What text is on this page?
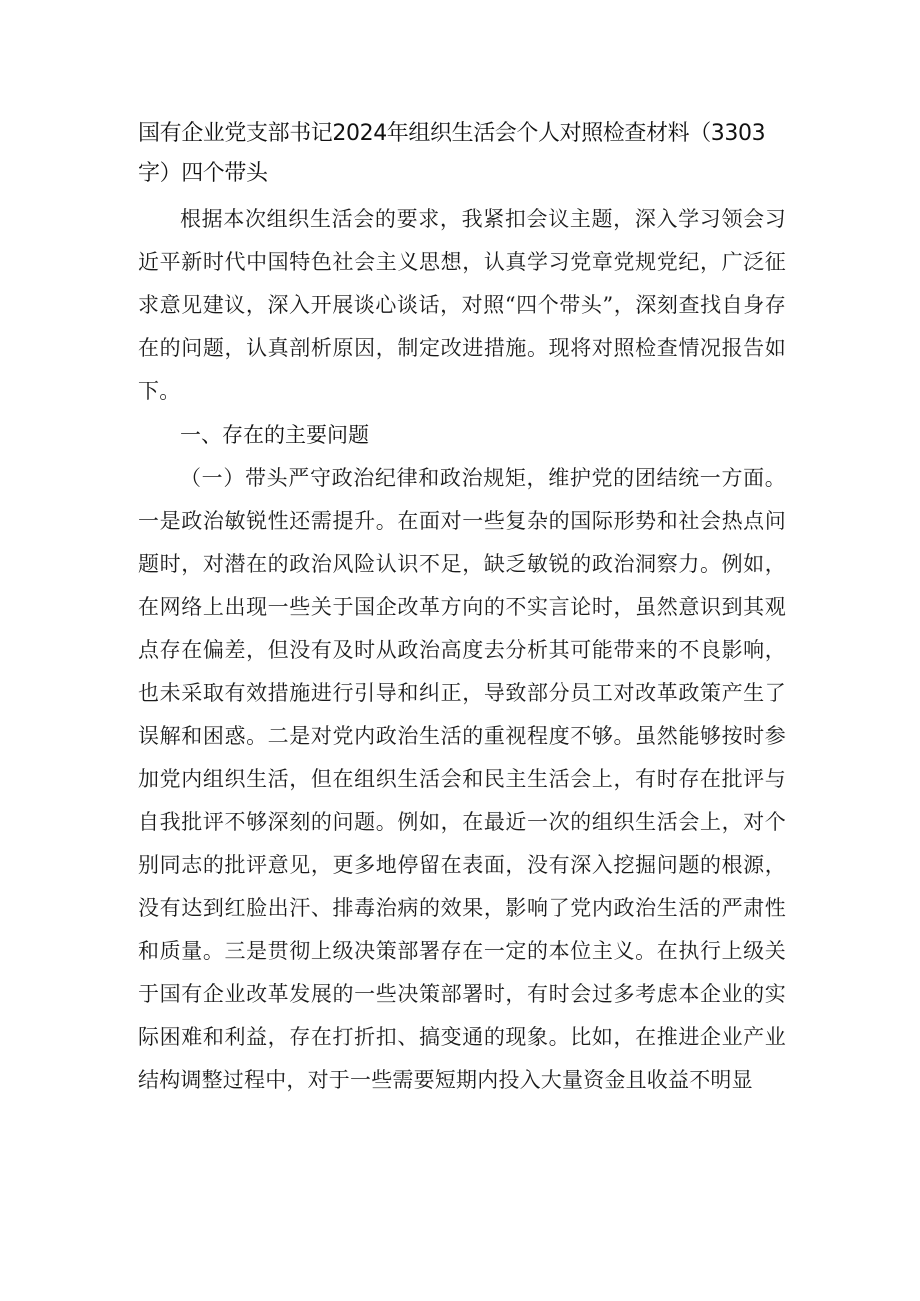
国有企业党支部书记2024年组织生活会个人对照检查材料（3303字）四个带头

根据本次组织生活会的要求，我紧扣会议主题，深入学习领会习近平新时代中国特色社会主义思想，认真学习党章党规党纪，广泛征求意见建议，深入开展谈心谈话，对照“四个带头”，深刻查找自身存在的问题，认真剖析原因，制定改进措施。现将对照检查情况报告如下。

一、存在的主要问题

（一）带头严守政治纪律和政治规矩，维护党的团结统一方面。一是政治敏锐性还需提升。在面对一些复杂的国际形势和社会热点问题时，对潜在的政治风险认识不足，缺乏敏锐的政治洞察力。例如，在网络上出现一些关于国企改革方向的不实言论时，虽然意识到其观点存在偏差，但没有及时从政治高度去分析其可能带来的不良影响，也未采取有效措施进行引导和纠正，导致部分员工对改革政策产生了误解和困惑。二是对党内政治生活的重视程度不够。虽然能够按时参加党内组织生活，但在组织生活会和民主生活会上，有时存在批评与自我批评不够深刻的问题。例如，在最近一次的组织生活会上，对个别同志的批评意见，更多地停留在表面，没有深入挖掘问题的根源，没有达到红脸出汗、排毒治病的效果，影响了党内政治生活的严肃性和质量。三是贯彻上级决策部署存在一定的本位主义。在执行上级关于国有企业改革发展的一些决策部署时，有时会过多考虑本企业的实际困难和利益，存在打折扣、搞变通的现象。比如，在推进企业产业结构调整过程中，对于一些需要短期内投入大量资金且收益不明显
